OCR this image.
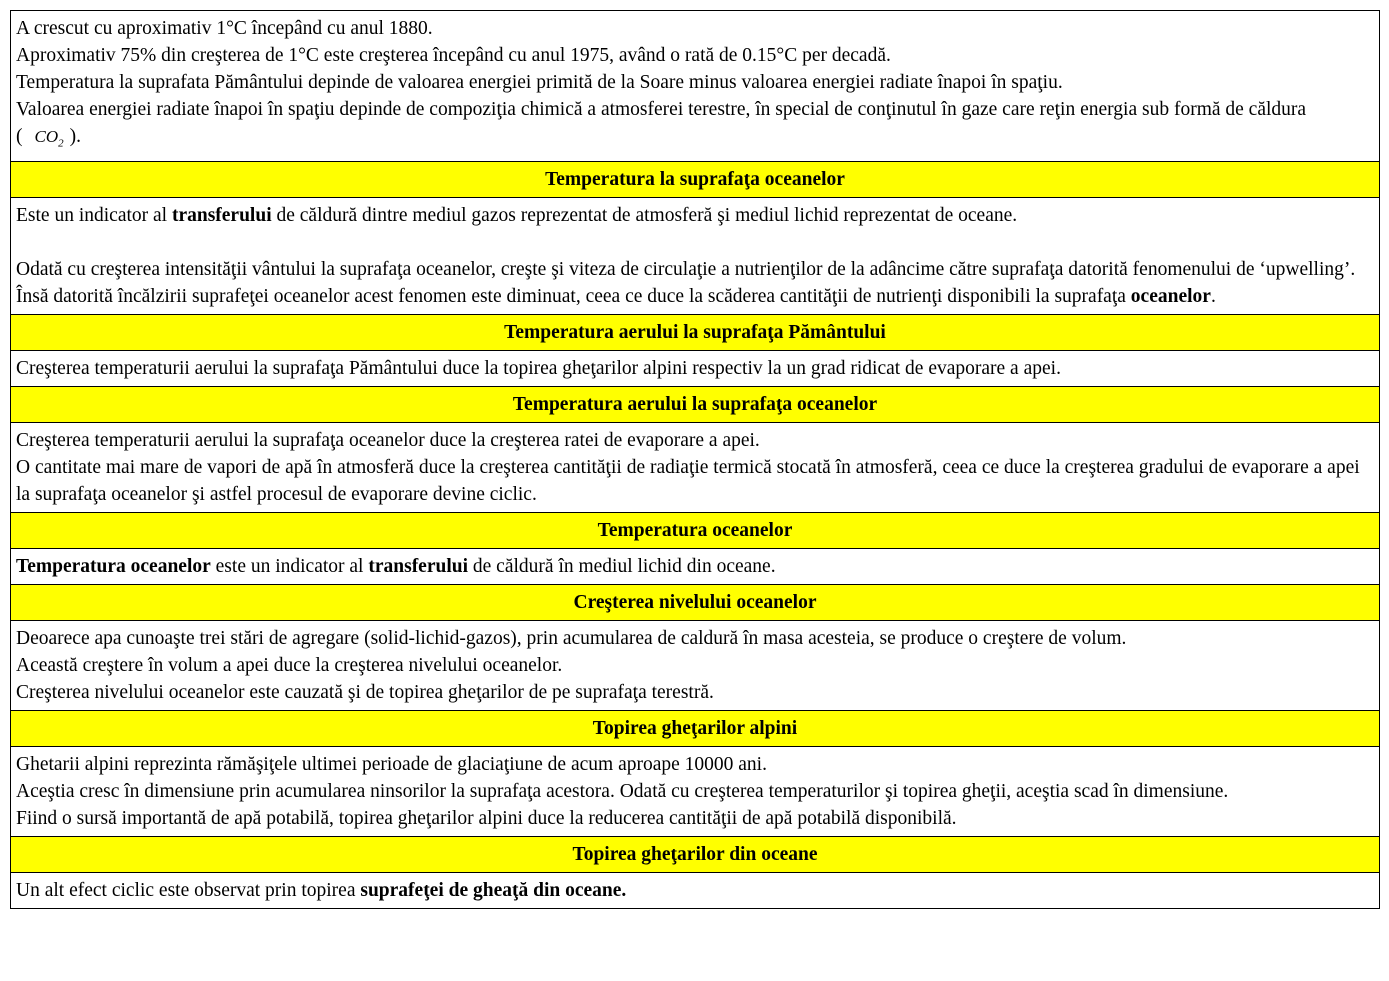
A crescut cu aproximativ 1°C începând cu anul 1880.
Aproximativ 75% din creşterea de 1°C este creşterea începând cu anul 1975, având o rată de 0.15°C per decadă.
Temperatura la suprafata Pământului depinde de valoarea energiei primită de la Soare minus valoarea energiei radiate înapoi în spaţiu.
Valoarea energiei radiate înapoi în spaţiu depinde de compoziţia chimică a atmosferei terestre, în special de conţinutul în gaze care reţin energia sub formă de căldura ( $CO_2$ ).
Temperatura la suprafaţa oceanelor
Este un indicator al transferului de căldură dintre mediul gazos reprezentat de atmosferă şi mediul lichid reprezentat de oceane.
Odată cu creşterea intensităţii vântului la suprafaţa oceanelor, creşte şi viteza de circulaţie a nutrienţilor de la adâncime către suprafaţa datorită fenomenului de ‘upwelling’. Însă datorită încălzirii suprafeţei oceanelor acest fenomen este diminuat, ceea ce duce la scăderea cantităţii de nutrienţi disponibili la suprafaţa oceanelor.
Temperatura aerului la suprafaţa Pământului
Creşterea temperaturii aerului la suprafaţa Pământului duce la topirea gheţarilor alpini respectiv la un grad ridicat de evaporare a apei.
Temperatura aerului la suprafaţa oceanelor
Creşterea temperaturii aerului la suprafaţa oceanelor duce la creşterea ratei de evaporare a apei.
O cantitate mai mare de vapori de apă în atmosferă duce la creşterea cantităţii de radiaţie termică stocată în atmosferă, ceea ce duce la creşterea gradului de evaporare a apei la suprafaţa oceanelor şi astfel procesul de evaporare devine ciclic.
Temperatura oceanelor
Temperatura oceanelor este un indicator al transferului de căldură în mediul lichid din oceane.
Creşterea nivelului oceanelor
Deoarece apa cunoaşte trei stări de agregare (solid-lichid-gazos), prin acumularea de caldură în masa acesteia, se produce o creştere de volum.
Această creştere în volum a apei duce la creşterea nivelului oceanelor.
Creşterea nivelului oceanelor este cauzată şi de topirea gheţarilor de pe suprafaţa terestră.
Topirea gheţarilor alpini
Ghetarii alpini reprezinta rămăşiţele ultimei perioade de glaciaţiune de acum aproape 10000 ani.
Aceştia cresc în dimensiune prin acumularea ninsorilor la suprafaţa acestora. Odată cu creşterea temperaturilor şi topirea gheţii, aceştia scad în dimensiune.
Fiind o sursă importantă de apă potabilă, topirea gheţarilor alpini duce la reducerea cantităţii de apă potabilă disponibilă.
Topirea gheţarilor din oceane
Un alt efect ciclic este observat prin topirea suprafeţei de gheaţă din oceane.
